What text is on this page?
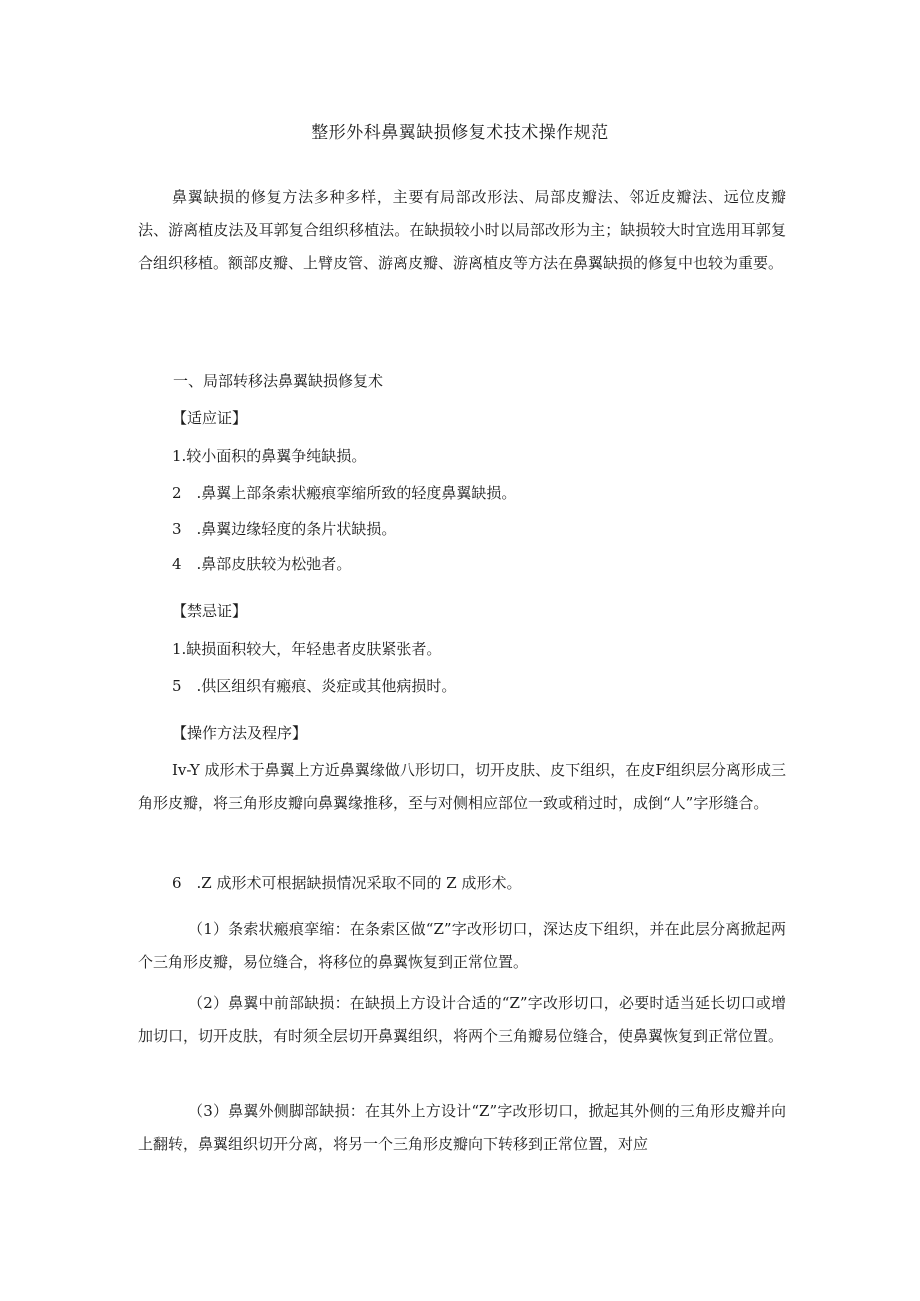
整形外科鼻翼缺损修复术技术操作规范
鼻翼缺损的修复方法多种多样，主要有局部改形法、局部皮瓣法、邻近皮瓣法、远位皮瓣法、游离植皮法及耳郭复合组织移植法。在缺损较小时以局部改形为主；缺损较大时宜选用耳郭复合组织移植。额部皮瓣、上臂皮管、游离皮瓣、游离植皮等方法在鼻翼缺损的修复中也较为重要。
一、局部转移法鼻翼缺损修复术
【适应证】
1.较小面积的鼻翼争纯缺损。
2　.鼻翼上部条索状瘢痕挛缩所致的轻度鼻翼缺损。
3　.鼻翼边缘轻度的条片状缺损。
4　.鼻部皮肤较为松弛者。
【禁忌证】
1.缺损面积较大，年轻患者皮肤紧张者。
5　.供区组织有瘢痕、炎症或其他病损时。
【操作方法及程序】
Iv-Y 成形术于鼻翼上方近鼻翼缘做八形切口，切开皮肤、皮下组织，在皮F组织层分离形成三角形皮瓣，将三角形皮瓣向鼻翼缘推移，至与对侧相应部位一致或稍过时，成倒“人”字形缝合。
6　.Z 成形术可根据缺损情况采取不同的 Z 成形术。
（1）条索状瘢痕挛缩：在条索区做“Z”字改形切口，深达皮下组织，并在此层分离掀起两个三角形皮瓣，易位缝合，将移位的鼻翼恢复到正常位置。
（2）鼻翼中前部缺损：在缺损上方设计合适的“Z”字改形切口，必要时适当延长切口或增加切口，切开皮肤，有时须全层切开鼻翼组织，将两个三角瓣易位缝合，使鼻翼恢复到正常位置。
（3）鼻翼外侧脚部缺损：在其外上方设计“Z”字改形切口，掀起其外侧的三角形皮瓣并向上翻转，鼻翼组织切开分离，将另一个三角形皮瓣向下转移到正常位置，对应
